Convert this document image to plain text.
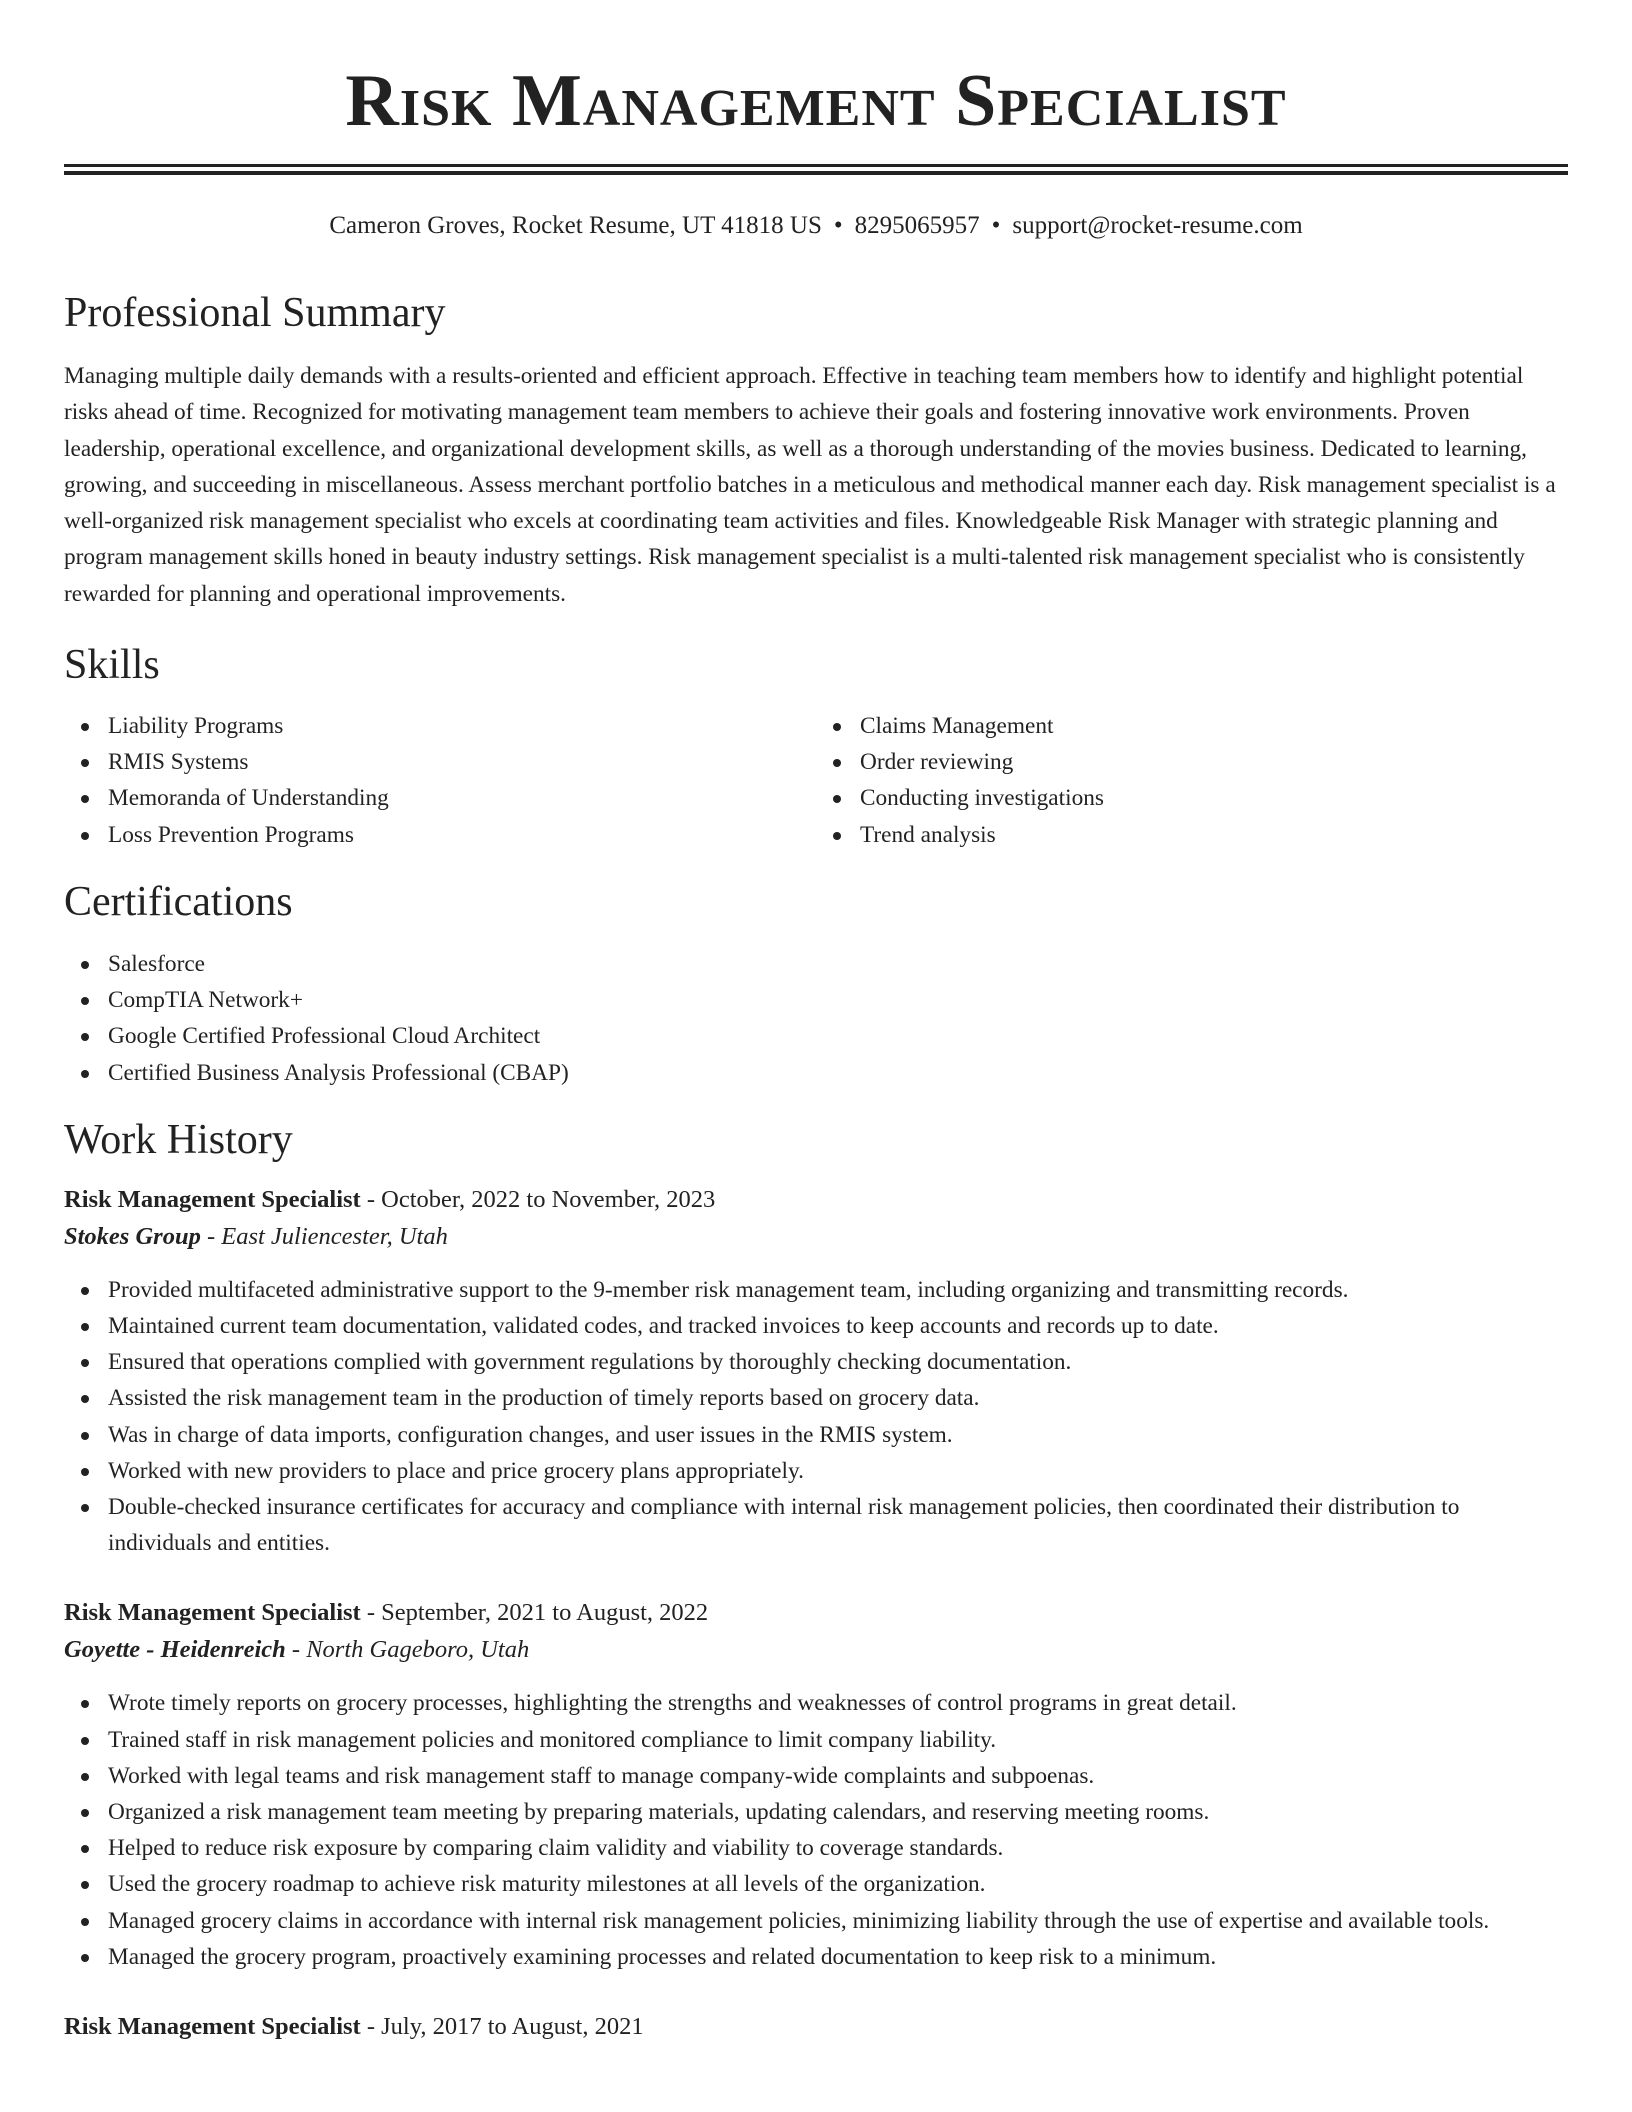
Risk Management Specialist
Cameron Groves, Rocket Resume, UT 41818 US • 8295065957 • support@rocket-resume.com
Professional Summary

Managing multiple daily demands with a results-oriented and efficient approach. Effective in teaching team members how to identify and highlight potential risks ahead of time. Recognized for motivating management team members to achieve their goals and fostering innovative work environments. Proven leadership, operational excellence, and organizational development skills, as well as a thorough understanding of the movies business. Dedicated to learning, growing, and succeeding in miscellaneous. Assess merchant portfolio batches in a meticulous and methodical manner each day. Risk management specialist is a well-organized risk management specialist who excels at coordinating team activities and files. Knowledgeable Risk Manager with strategic planning and program management skills honed in beauty industry settings. Risk management specialist is a multi-talented risk management specialist who is consistently rewarded for planning and operational improvements.

Skills
Liability Programs
RMIS Systems
Memoranda of Understanding
Loss Prevention Programs
Claims Management
Order reviewing
Conducting investigations
Trend analysis
Certifications
Salesforce
CompTIA Network+
Google Certified Professional Cloud Architect
Certified Business Analysis Professional (CBAP)
Work History
Risk Management Specialist - October, 2022 to November, 2023
Stokes Group - East Juliencester, Utah
Provided multifaceted administrative support to the 9-member risk management team, including organizing and transmitting records.
Maintained current team documentation, validated codes, and tracked invoices to keep accounts and records up to date.
Ensured that operations complied with government regulations by thoroughly checking documentation.
Assisted the risk management team in the production of timely reports based on grocery data.
Was in charge of data imports, configuration changes, and user issues in the RMIS system.
Worked with new providers to place and price grocery plans appropriately.
Double-checked insurance certificates for accuracy and compliance with internal risk management policies, then coordinated their distribution to individuals and entities.
Risk Management Specialist - September, 2021 to August, 2022
Goyette - Heidenreich - North Gageboro, Utah
Wrote timely reports on grocery processes, highlighting the strengths and weaknesses of control programs in great detail.
Trained staff in risk management policies and monitored compliance to limit company liability.
Worked with legal teams and risk management staff to manage company-wide complaints and subpoenas.
Organized a risk management team meeting by preparing materials, updating calendars, and reserving meeting rooms.
Helped to reduce risk exposure by comparing claim validity and viability to coverage standards.
Used the grocery roadmap to achieve risk maturity milestones at all levels of the organization.
Managed grocery claims in accordance with internal risk management policies, minimizing liability through the use of expertise and available tools.
Managed the grocery program, proactively examining processes and related documentation to keep risk to a minimum.
Risk Management Specialist - July, 2017 to August, 2021
